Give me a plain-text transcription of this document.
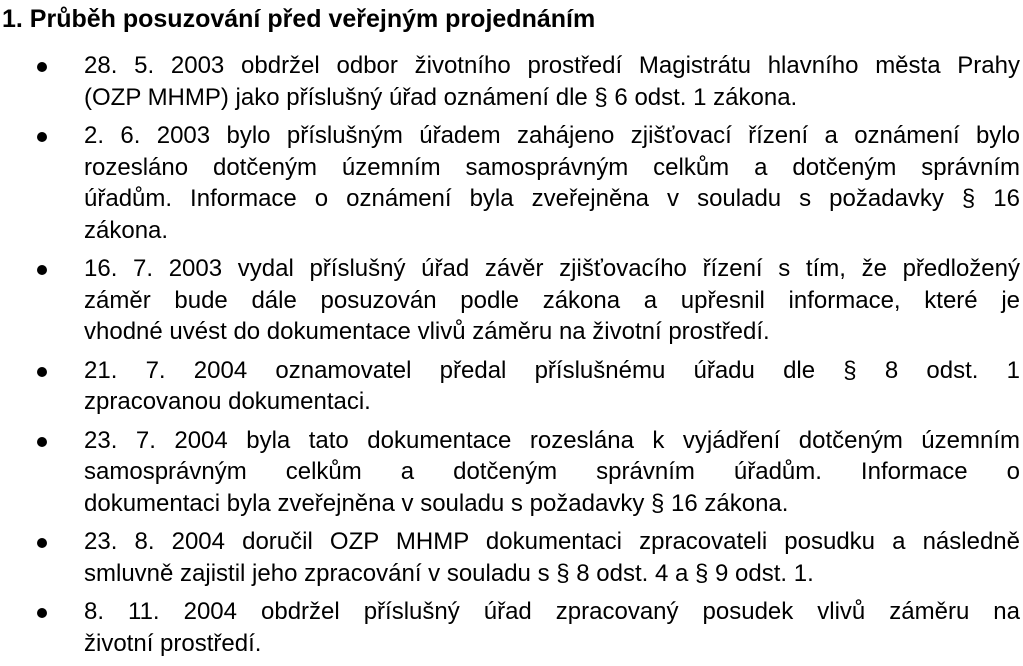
1. Průběh posuzování před veřejným projednáním
28. 5. 2003 obdržel odbor životního prostředí Magistrátu hlavního města Prahy
(OZP MHMP) jako příslušný úřad oznámení dle § 6 odst. 1 zákona.
2. 6. 2003 bylo příslušným úřadem zahájeno zjišťovací řízení a oznámení bylo
rozesláno dotčeným územním samosprávným celkům a dotčeným správním
úřadům. Informace o oznámení byla zveřejněna v souladu s požadavky § 16
zákona.
16. 7. 2003 vydal příslušný úřad závěr zjišťovacího řízení s tím, že předložený
záměr bude dále posuzován podle zákona a upřesnil informace, které je
vhodné uvést do dokumentace vlivů záměru na životní prostředí.
21. 7. 2004 oznamovatel předal příslušnému úřadu dle § 8 odst. 1
zpracovanou dokumentaci.
23. 7. 2004 byla tato dokumentace rozeslána k vyjádření dotčeným územním
samosprávným celkům a dotčeným správním úřadům. Informace o
dokumentaci byla zveřejněna v souladu s požadavky § 16 zákona.
23. 8. 2004 doručil OZP MHMP dokumentaci zpracovateli posudku a následně
smluvně zajistil jeho zpracování v souladu s § 8 odst. 4 a § 9 odst. 1.
8. 11. 2004 obdržel příslušný úřad zpracovaný posudek vlivů záměru na
životní prostředí.
